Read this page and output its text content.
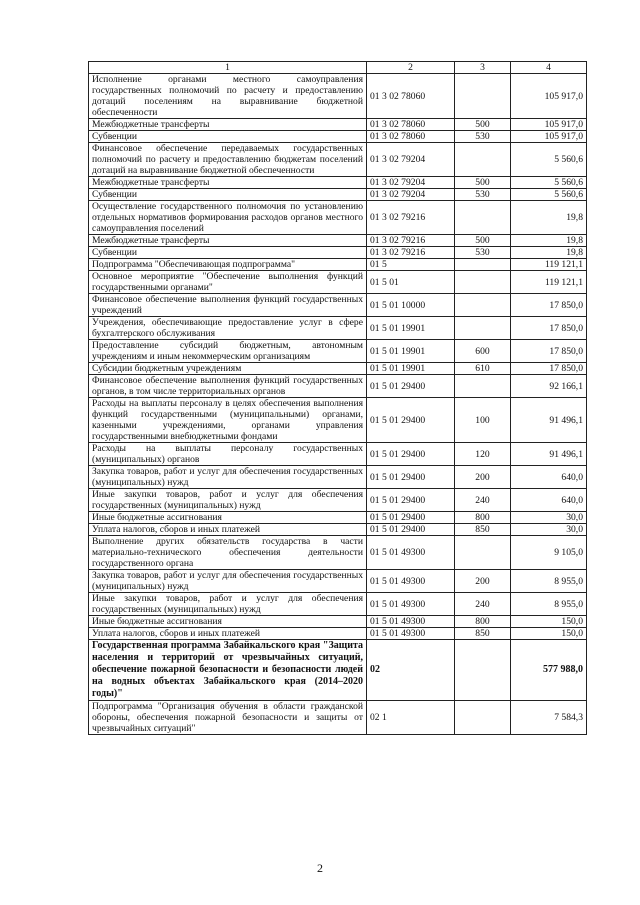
1	2	3	4
Исполнение органами местного самоуправления государственных полномочий по расчету и предоставлению дотаций поселениям на выравнивание бюджетной обеспеченности	01 3 02 78060		105 917,0
Межбюджетные трансферты	01 3 02 78060	500	105 917,0
Субвенции	01 3 02 78060	530	105 917,0
Финансовое обеспечение передаваемых государственных полномочий по расчету и предоставлению бюджетам поселений дотаций на выравнивание бюджетной обеспеченности	01 3 02 79204		5 560,6
Межбюджетные трансферты	01 3 02 79204	500	5 560,6
Субвенции	01 3 02 79204	530	5 560,6
Осуществление государственного полномочия по установлению отдельных нормативов формирования расходов органов местного самоуправления поселений	01 3 02 79216		19,8
Межбюджетные трансферты	01 3 02 79216	500	19,8
Субвенции	01 3 02 79216	530	19,8
Подпрограмма "Обеспечивающая подпрограмма"	01 5		119 121,1
Основное мероприятие "Обеспечение выполнения функций государственными органами"	01 5 01		119 121,1
Финансовое обеспечение выполнения функций государственных учреждений	01 5 01 10000		17 850,0
Учреждения, обеспечивающие предоставление услуг в сфере бухгалтерского обслуживания	01 5 01 19901		17 850,0
Предоставление субсидий бюджетным, автономным учреждениям и иным некоммерческим организациям	01 5 01 19901	600	17 850,0
Субсидии бюджетным учреждениям	01 5 01 19901	610	17 850,0
Финансовое обеспечение выполнения функций государственных органов, в том числе территориальных органов	01 5 01 29400		92 166,1
Расходы на выплаты персоналу в целях обеспечения выполнения функций государственными (муниципальными) органами, казенными учреждениями, органами управления государственными внебюджетными фондами	01 5 01 29400	100	91 496,1
Расходы на выплаты персоналу государственных (муниципальных) органов	01 5 01 29400	120	91 496,1
Закупка товаров, работ и услуг для обеспечения государственных (муниципальных) нужд	01 5 01 29400	200	640,0
Иные закупки товаров, работ и услуг для обеспечения государственных (муниципальных) нужд	01 5 01 29400	240	640,0
Иные бюджетные ассигнования	01 5 01 29400	800	30,0
Уплата налогов, сборов и иных платежей	01 5 01 29400	850	30,0
Выполнение других обязательств государства в части материально-технического обеспечения деятельности государственного органа	01 5 01 49300		9 105,0
Закупка товаров, работ и услуг для обеспечения государственных (муниципальных) нужд	01 5 01 49300	200	8 955,0
Иные закупки товаров, работ и услуг для обеспечения государственных (муниципальных) нужд	01 5 01 49300	240	8 955,0
Иные бюджетные ассигнования	01 5 01 49300	800	150,0
Уплата налогов, сборов и иных платежей	01 5 01 49300	850	150,0
Государственная программа Забайкальского края "Защита населения и территорий от чрезвычайных ситуаций, обеспечение пожарной безопасности и безопасности людей на водных объектах Забайкальского края (2014–2020 годы)"	02		577 988,0
Подпрограмма "Организация обучения в области гражданской обороны, обеспечения пожарной безопасности и защиты от чрезвычайных ситуаций"	02 1		7 584,3
2
